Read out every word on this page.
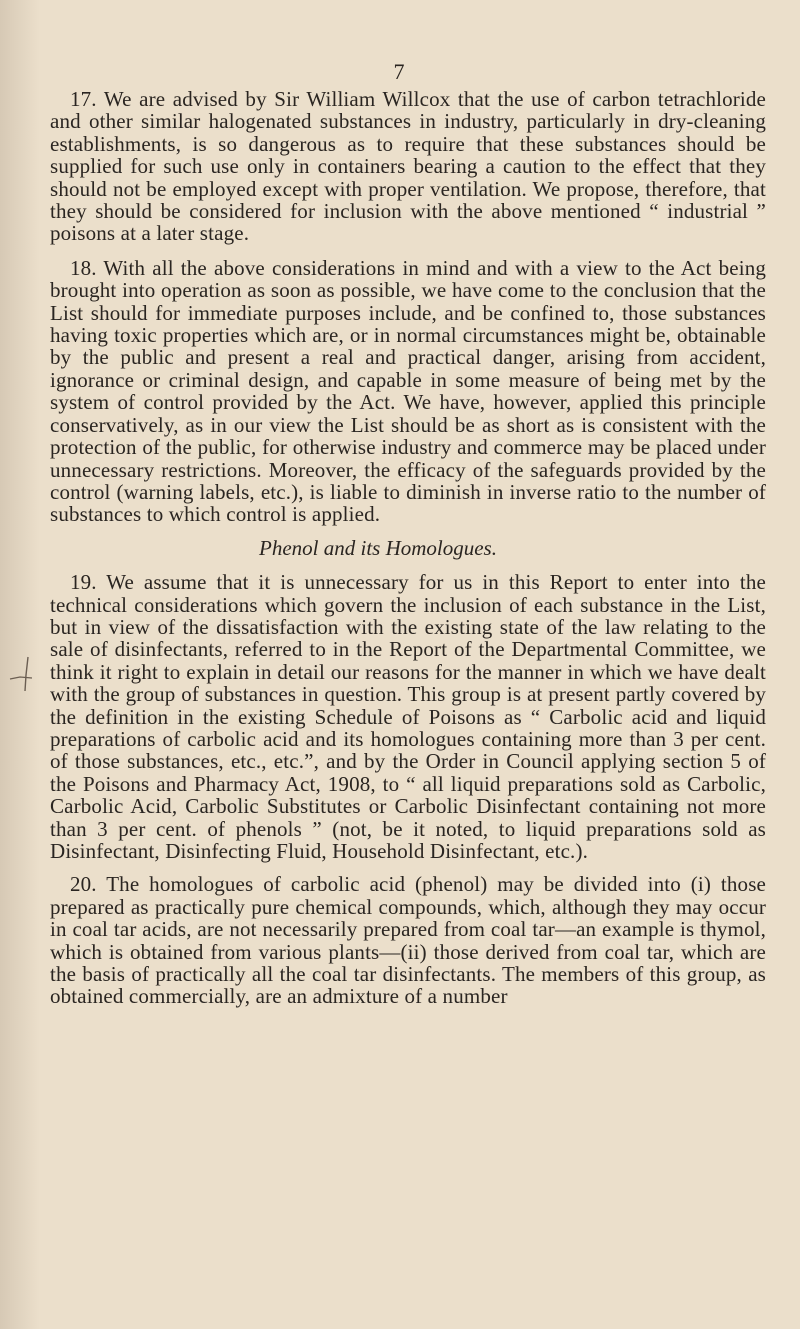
7

17. We are advised by Sir William Willcox that the use of carbon tetrachloride and other similar halogenated substances in industry, particularly in dry-cleaning establishments, is so dangerous as to require that these substances should be supplied for such use only in containers bearing a caution to the effect that they should not be employed except with proper ventilation. We propose, therefore, that they should be considered for inclusion with the above mentioned “ industrial ” poisons at a later stage.

18. With all the above considerations in mind and with a view to the Act being brought into operation as soon as possible, we have come to the conclusion that the List should for immediate purposes include, and be confined to, those substances having toxic properties which are, or in normal circumstances might be, obtainable by the public and present a real and practical danger, arising from accident, ignorance or criminal design, and capable in some measure of being met by the system of control provided by the Act. We have, however, applied this principle conservatively, as in our view the List should be as short as is consistent with the protection of the public, for otherwise industry and commerce may be placed under unnecessary restrictions. Moreover, the efficacy of the safeguards provided by the control (warning labels, etc.), is liable to diminish in inverse ratio to the number of substances to which control is applied.

Phenol and its Homologues.

19. We assume that it is unnecessary for us in this Report to enter into the technical considerations which govern the inclusion of each substance in the List, but in view of the dissatisfaction with the existing state of the law relating to the sale of disinfectants, referred to in the Report of the Departmental Committee, we think it right to explain in detail our reasons for the manner in which we have dealt with the group of substances in question. This group is at present partly covered by the definition in the existing Schedule of Poisons as “ Carbolic acid and liquid preparations of carbolic acid and its homologues containing more than 3 per cent. of those substances, etc., etc.”, and by the Order in Council applying section 5 of the Poisons and Pharmacy Act, 1908, to “ all liquid preparations sold as Carbolic, Carbolic Acid, Carbolic Substitutes or Carbolic Disinfectant containing not more than 3 per cent. of phenols ” (not, be it noted, to liquid preparations sold as Disinfectant, Disinfecting Fluid, Household Disinfectant, etc.).

20. The homologues of carbolic acid (phenol) may be divided into (i) those prepared as practically pure chemical compounds, which, although they may occur in coal tar acids, are not necessarily prepared from coal tar—an example is thymol, which is obtained from various plants—(ii) those derived from coal tar, which are the basis of practically all the coal tar disinfectants. The members of this group, as obtained commercially, are an admixture of a number
